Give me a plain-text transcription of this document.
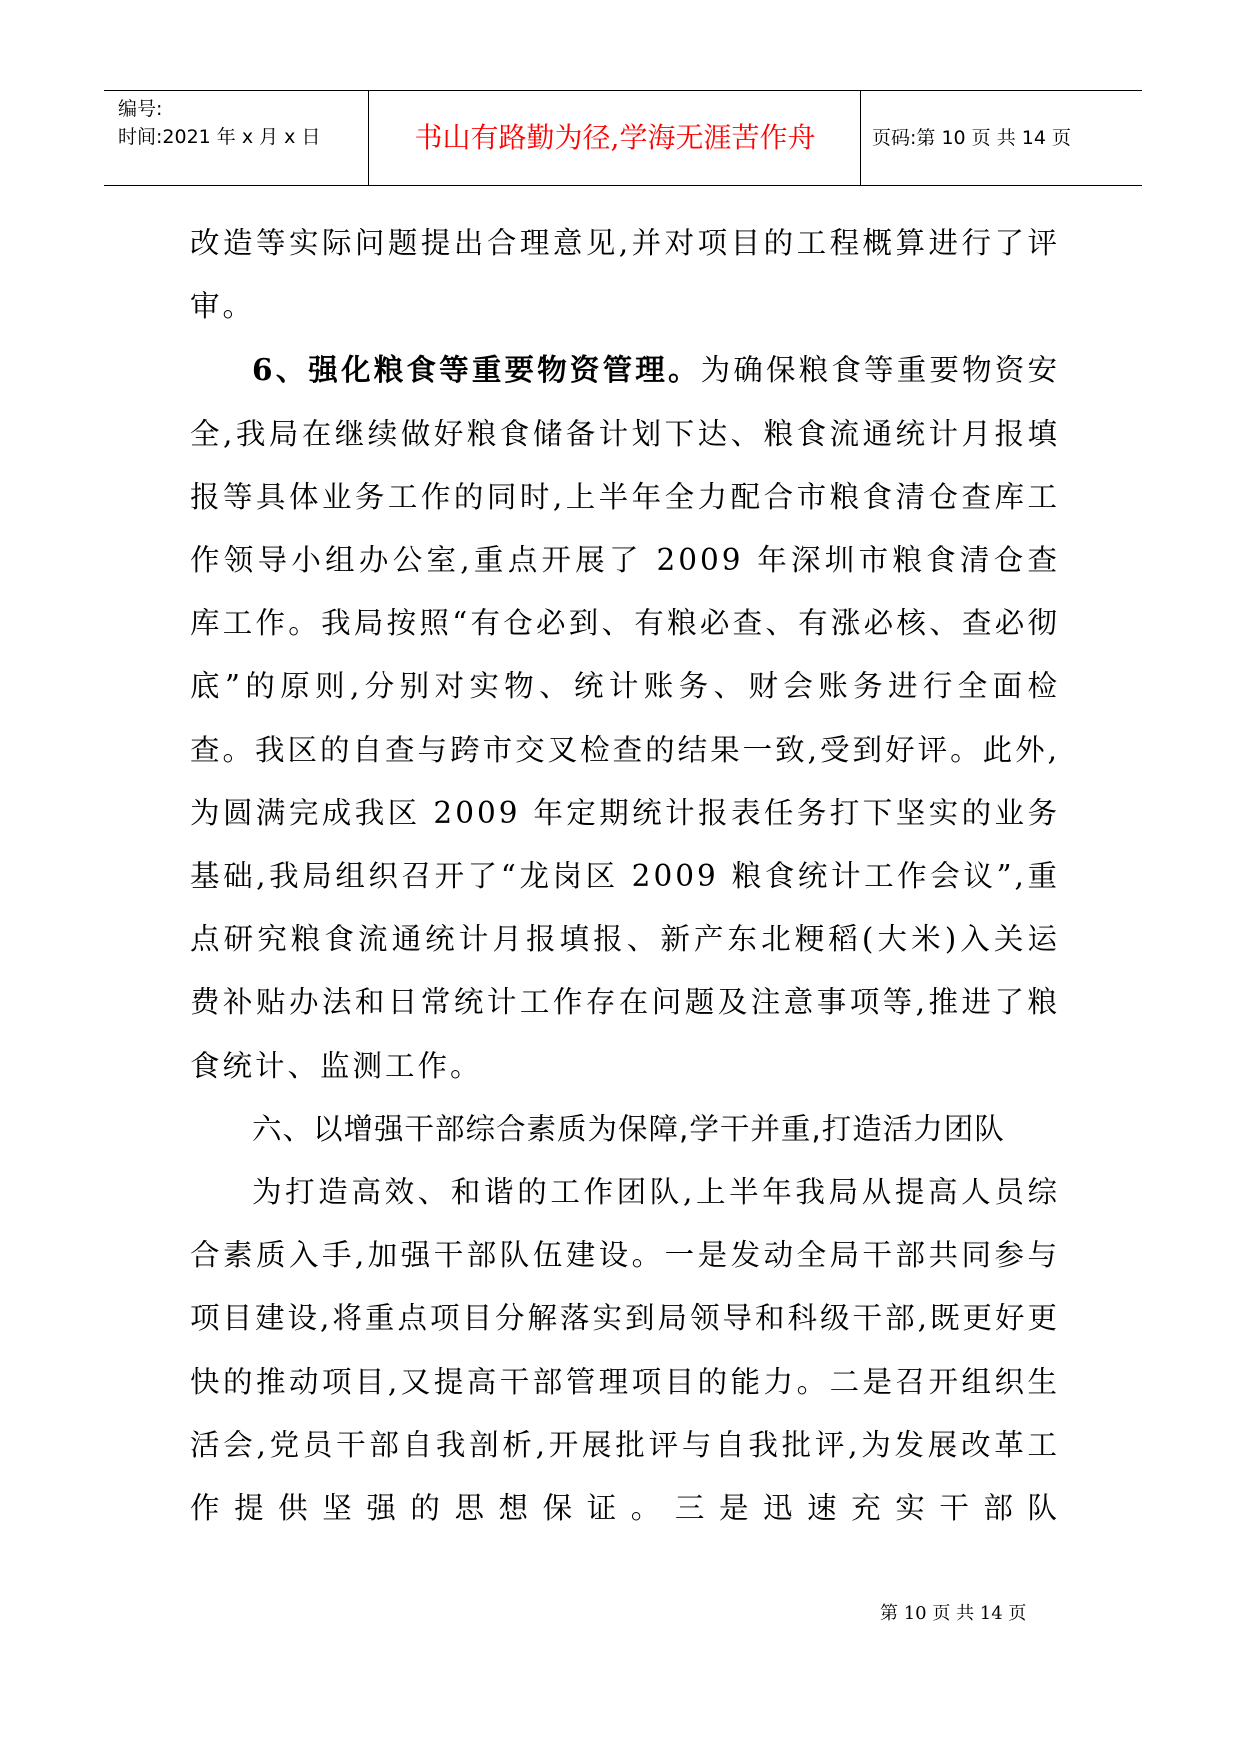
编号:
时间:2021 年 x 月 x 日	书山有路勤为径,学海无涯苦作舟	页码:第 10 页 共 14 页

改造等实际问题提出合理意见,并对项目的工程概算进行了评审。

6、强化粮食等重要物资管理。为确保粮食等重要物资安全,我局在继续做好粮食储备计划下达、粮食流通统计月报填报等具体业务工作的同时,上半年全力配合市粮食清仓查库工作领导小组办公室,重点开展了 2009 年深圳市粮食清仓查库工作。我局按照“有仓必到、有粮必查、有涨必核、查必彻底”的原则,分别对实物、统计账务、财会账务进行全面检查。我区的自查与跨市交叉检查的结果一致,受到好评。此外,为圆满完成我区 2009 年定期统计报表任务打下坚实的业务基础,我局组织召开了“龙岗区 2009 粮食统计工作会议”,重点研究粮食流通统计月报填报、新产东北粳稻(大米)入关运费补贴办法和日常统计工作存在问题及注意事项等,推进了粮食统计、监测工作。

六、以增强干部综合素质为保障,学干并重,打造活力团队

为打造高效、和谐的工作团队,上半年我局从提高人员综合素质入手,加强干部队伍建设。一是发动全局干部共同参与项目建设,将重点项目分解落实到局领导和科级干部,既更好更快的推动项目,又提高干部管理项目的能力。二是召开组织生活会,党员干部自我剖析,开展批评与自我批评,为发展改革工作提供坚强的思想保证。三是迅速充实干部队

第 10 页 共 14 页
